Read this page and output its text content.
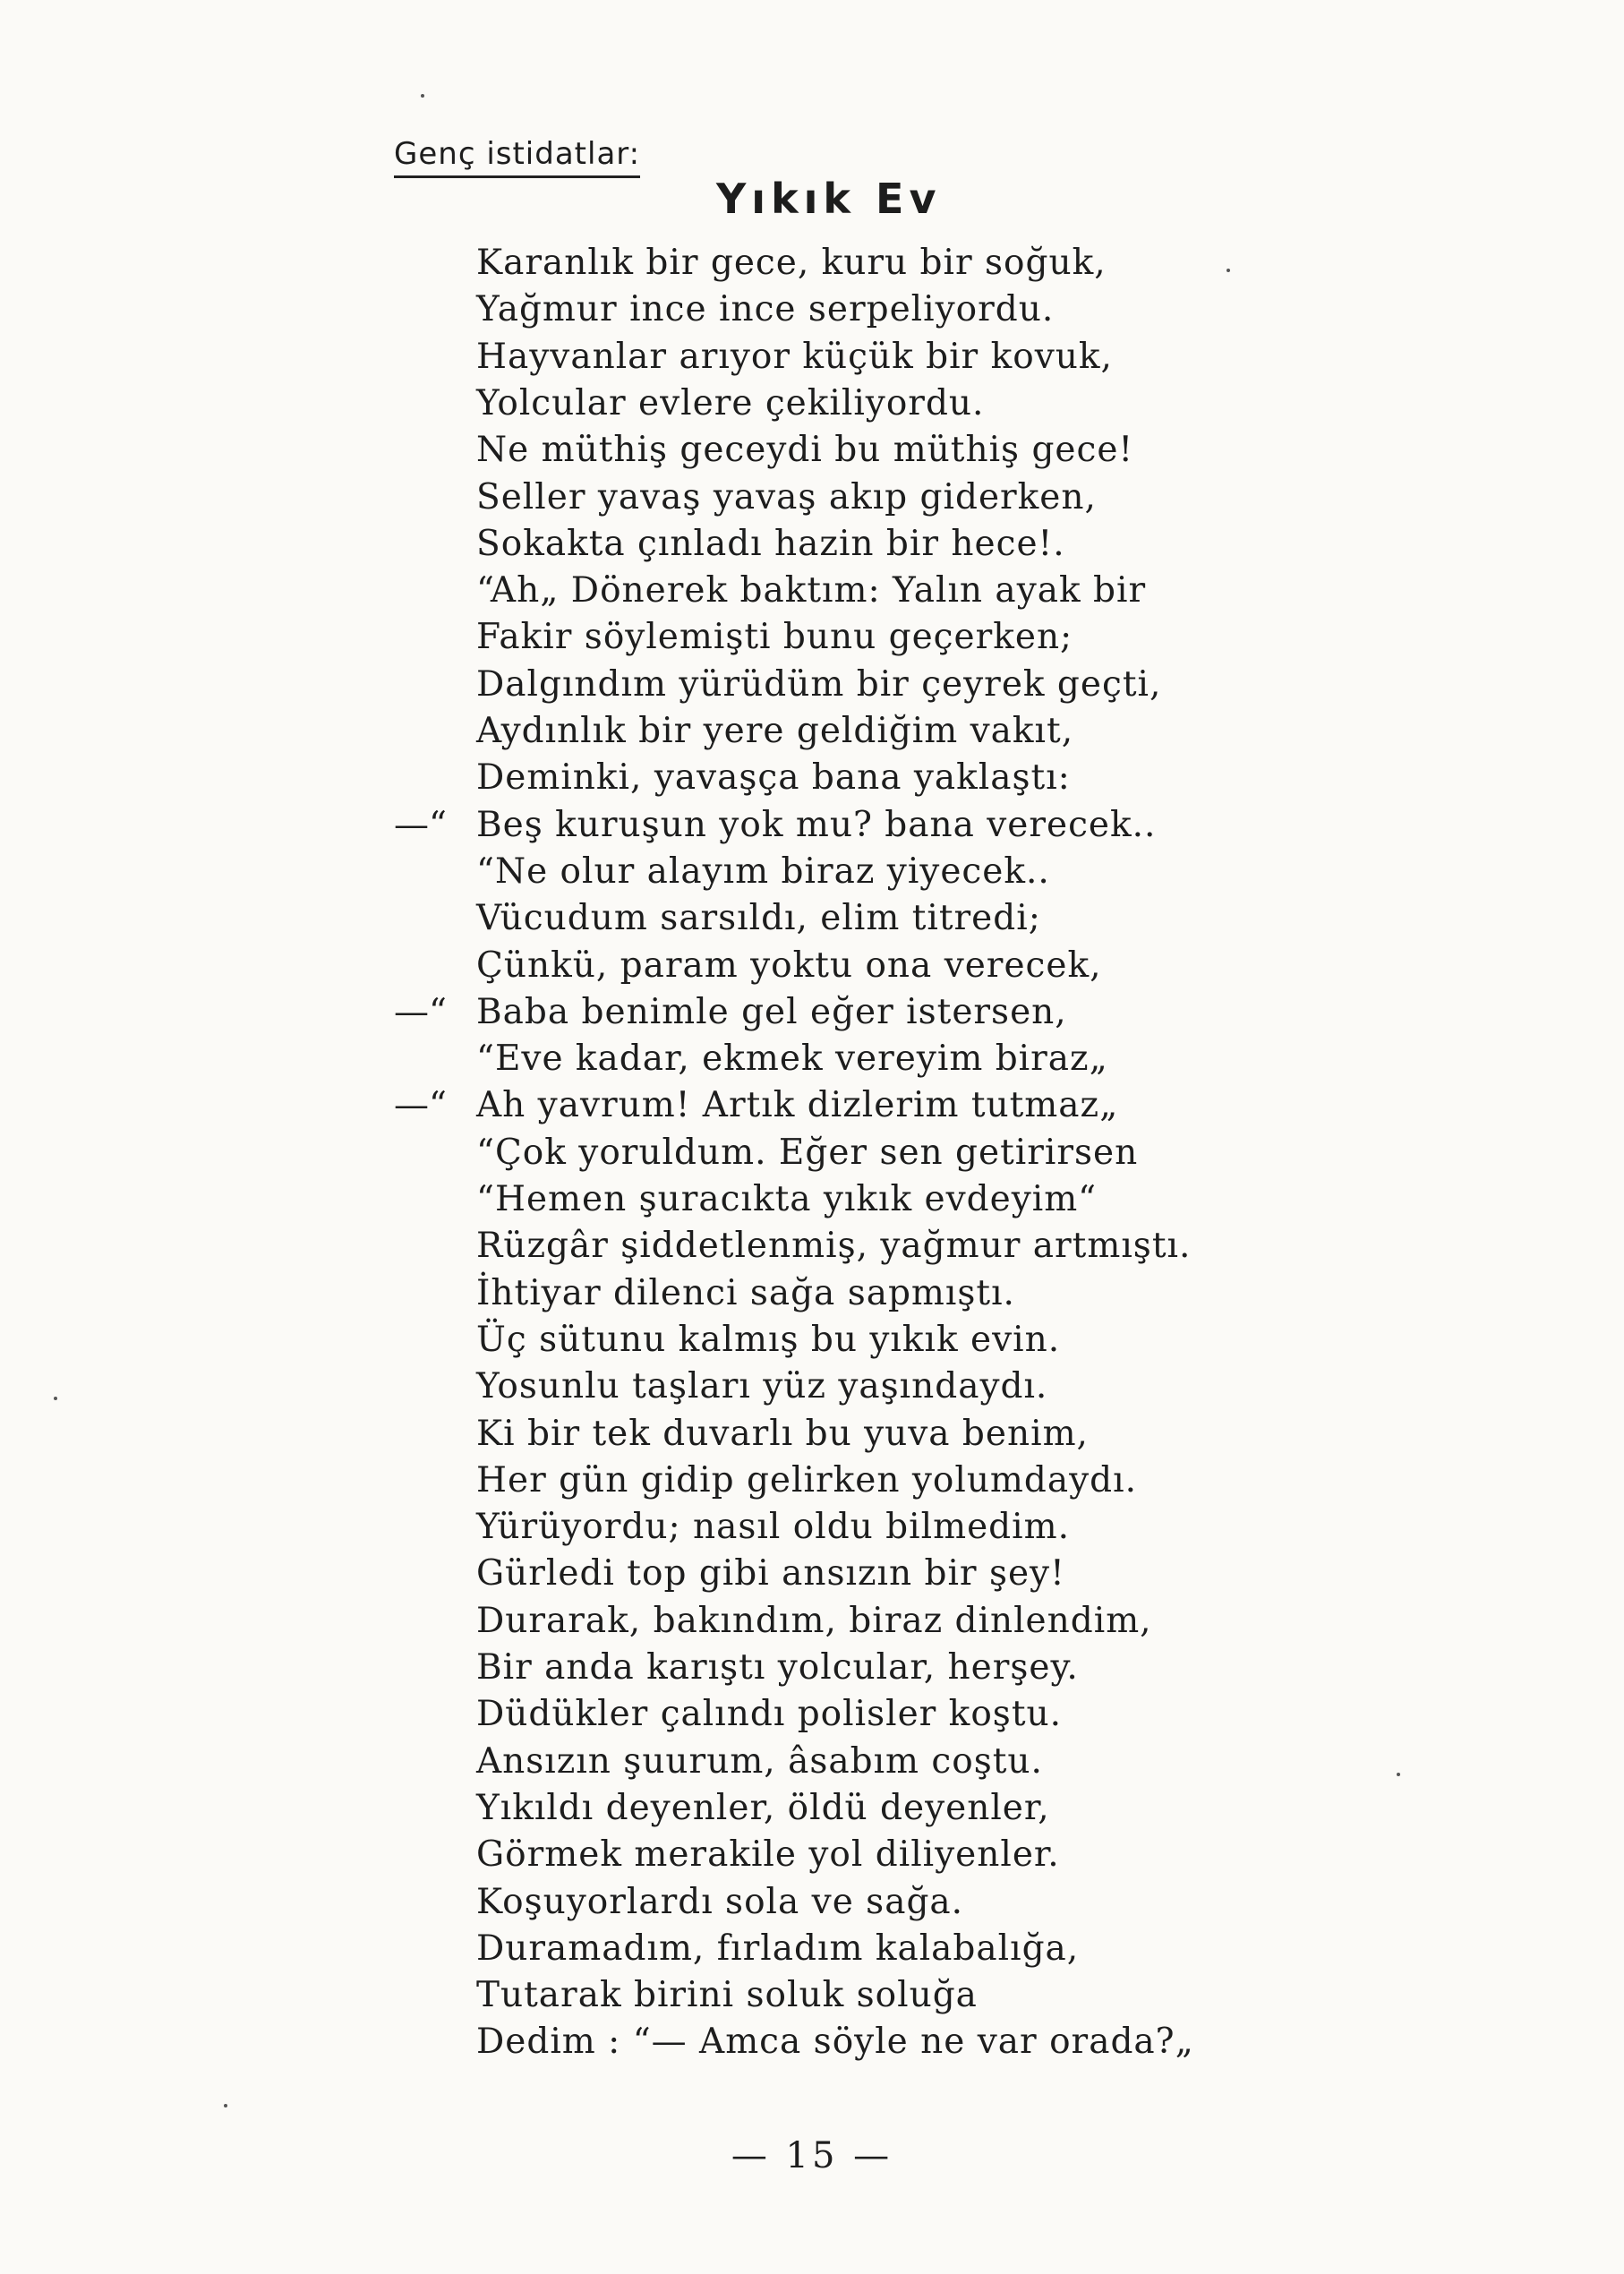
Genç istidatlar:
Yıkık Ev
Karanlık bir gece, kuru bir soğuk,
Yağmur ince ince serpeliyordu.
Hayvanlar arıyor küçük bir kovuk,
Yolcular evlere çekiliyordu.
Ne müthiş geceydi bu müthiş gece!
Seller yavaş yavaş akıp giderken,
Sokakta çınladı hazin bir hece!.
“Ah„ Dönerek baktım: Yalın ayak bir
Fakir söylemişti bunu geçerken;
Dalgındım yürüdüm bir çeyrek geçti,
Aydınlık bir yere geldiğim vakıt,
Deminki, yavaşça bana yaklaştı:
—“ Beş kuruşun yok mu? bana verecek..
“Ne olur alayım biraz yiyecek..
Vücudum sarsıldı, elim titredi;
Çünkü, param yoktu ona verecek,
—“ Baba benimle gel eğer istersen,
“Eve kadar, ekmek vereyim biraz„
—“ Ah yavrum! Artık dizlerim tutmaz„
“Çok yoruldum. Eğer sen getirirsen
“Hemen şuracıkta yıkık evdeyim“
Rüzgâr şiddetlenmiş, yağmur artmıştı.
İhtiyar dilenci sağa sapmıştı.
Üç sütunu kalmış bu yıkık evin.
Yosunlu taşları yüz yaşındaydı.
Ki bir tek duvarlı bu yuva benim,
Her gün gidip gelirken yolumdaydı.
Yürüyordu; nasıl oldu bilmedim.
Gürledi top gibi ansızın bir şey!
Durarak, bakındım, biraz dinlendim,
Bir anda karıştı yolcular, herşey.
Düdükler çalındı polisler koştu.
Ansızın şuurum, âsabım coştu.
Yıkıldı deyenler, öldü deyenler,
Görmek merakile yol diliyenler.
Koşuyorlardı sola ve sağa.
Duramadım, fırladım kalabalığa,
Tutarak birini soluk soluğa
Dedim : “— Amca söyle ne var orada?„
— 15 —
